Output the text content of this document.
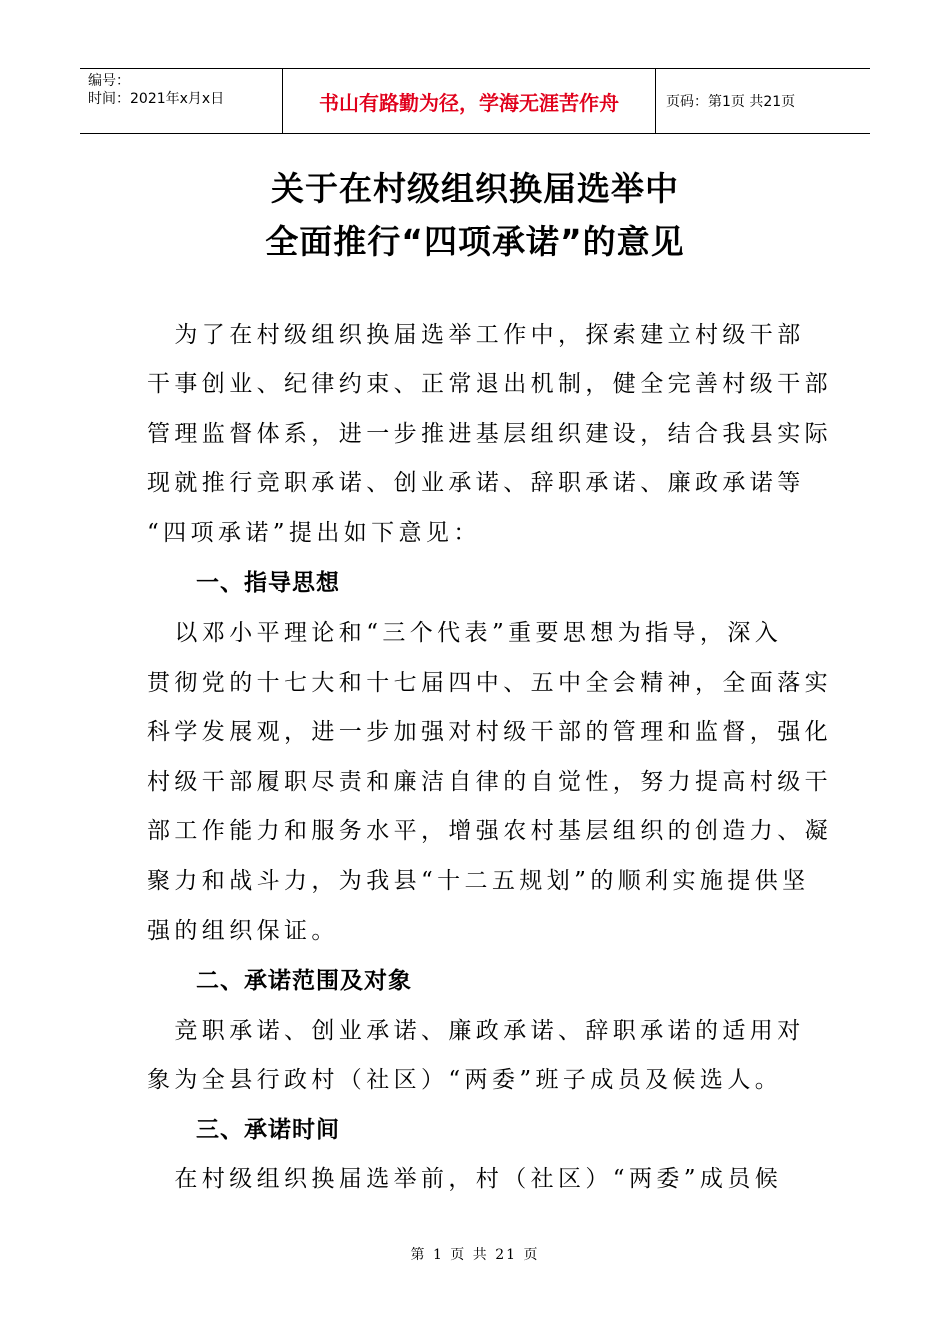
编号：
时间：2021年x月x日	书山有路勤为径，学海无涯苦作舟	页码：第1页 共21页
关于在村级组织换届选举中
全面推行“四项承诺”的意见
　为了在村级组织换届选举工作中，探索建立村级干部
干事创业、纪律约束、正常退出机制，健全完善村级干部
管理监督体系，进一步推进基层组织建设，结合我县实际
现就推行竞职承诺、创业承诺、辞职承诺、廉政承诺等
“四项承诺”提出如下意见：
一、指导思想
　以邓小平理论和“三个代表”重要思想为指导，深入
贯彻党的十七大和十七届四中、五中全会精神，全面落实
科学发展观，进一步加强对村级干部的管理和监督，强化
村级干部履职尽责和廉洁自律的自觉性，努力提高村级干
部工作能力和服务水平，增强农村基层组织的创造力、凝
聚力和战斗力，为我县“十二五规划”的顺利实施提供坚
强的组织保证。
二、承诺范围及对象
　竞职承诺、创业承诺、廉政承诺、辞职承诺的适用对
象为全县行政村（社区）“两委”班子成员及候选人。
三、承诺时间
　在村级组织换届选举前，村（社区）“两委”成员候
第 1 页 共 21 页
